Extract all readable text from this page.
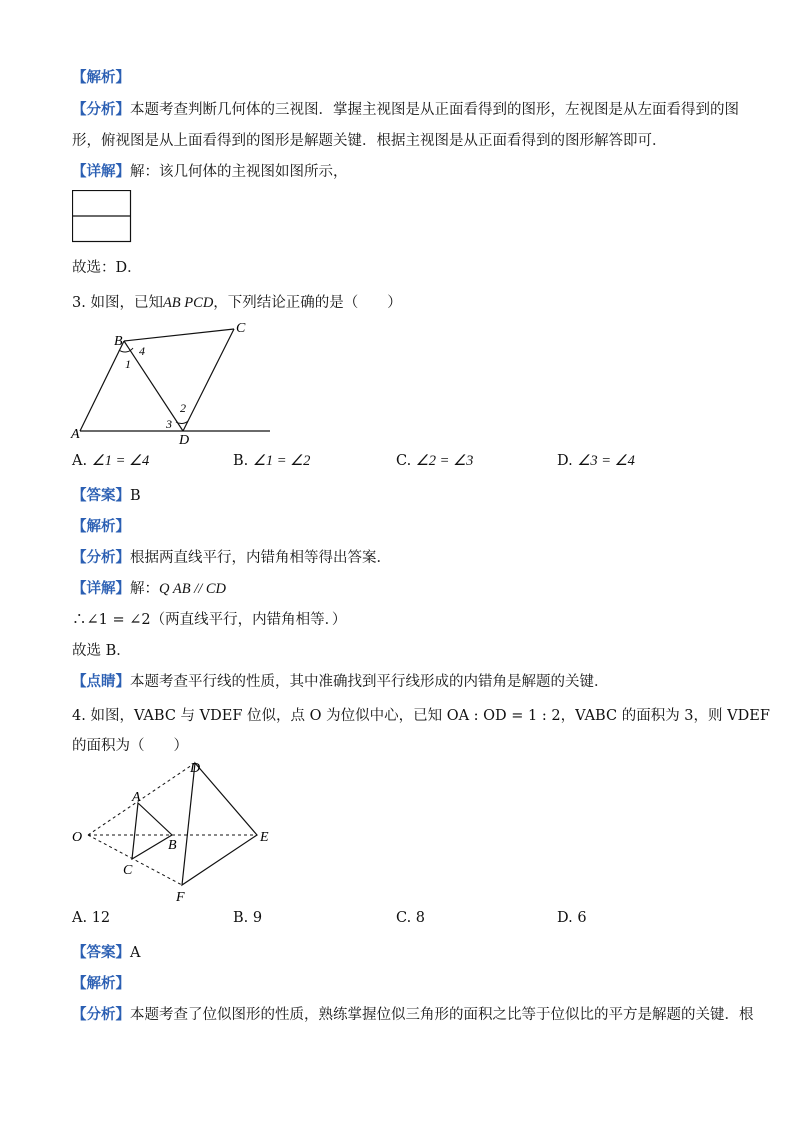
【解析】
【分析】本题考查判断几何体的三视图．掌握主视图是从正面看得到的图形，左视图是从左面看得到的图
形，俯视图是从上面看得到的图形是解题关键．根据主视图是从正面看得到的图形解答即可．
【详解】解：该几何体的主视图如图所示，
故选：D．
3. 如图，已知AB PCD，下列结论正确的是（　　）
B
C
A	D
1
4
2
3
A. ∠1 = ∠4	B. ∠1 = ∠2	C. ∠2 = ∠3	D. ∠3 = ∠4
【答案】B
【解析】
【分析】根据两直线平行，内错角相等得出答案．
【详解】解：Q AB // CD
∴∠1 = ∠2（两直线平行，内错角相等．）
故选 B．
【点睛】本题考查平行线的性质，其中准确找到平行线形成的内错角是解题的关键．
4. 如图，VABC 与 VDEF 位似，点 O 为位似中心，已知 OA : OD = 1 : 2，VABC 的面积为 3，则 VDEF
的面积为（　　）
A
B
C
D
E
F
O
A. 12	B. 9	C. 8	D. 6
【答案】A
【解析】
【分析】本题考查了位似图形的性质，熟练掌握位似三角形的面积之比等于位似比的平方是解题的关键．根
